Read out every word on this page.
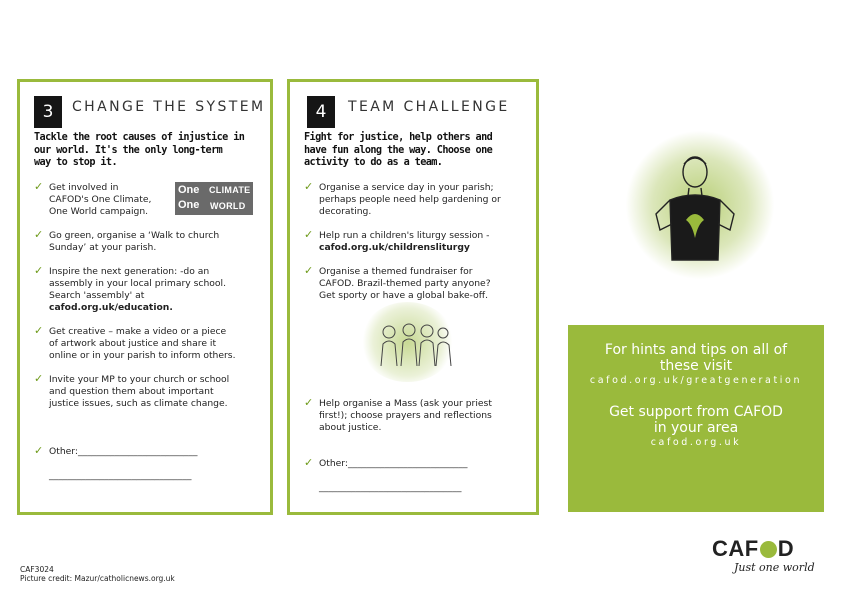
3	CHANGE THE SYSTEM
Tackle the root causes of injustice in
our world. It's the only long-term
way to stop it.
✓ Get involved in
CAFOD's One Climate,
One World campaign.
One CLIMATE
One WORLD
✓ Go green, organise a ‘Walk to church
Sunday’ at your parish.
✓ Inspire the next generation: -do an
assembly in your local primary school.
Search 'assembly' at
cafod.org.uk/education.
✓ Get creative – make a video or a piece
of artwork about justice and share it
online or in your parish to inform others.
✓ Invite your MP to your church or school
and question them about important
justice issues, such as climate change.
✓ Other:__________________________
_______________________________
4	TEAM CHALLENGE
Fight for justice, help others and
have fun along the way. Choose one
activity to do as a team.
✓ Organise a service day in your parish;
perhaps people need help gardening or
decorating.
✓ Help run a children's liturgy session -
cafod.org.uk/childrensliturgy
✓ Organise a themed fundraiser for
CAFOD. Brazil-themed party anyone?
Get sporty or have a global bake-off.
✓ Help organise a Mass (ask your priest
first!); choose prayers and reflections
about justice.
✓ Other:__________________________
_______________________________
For hints and tips on all of
these visit
cafod.org.uk/greatgeneration
Get support from CAFOD
in your area
cafod.org.uk
CAF D
Just one world
CAF3024
Picture credit: Mazur/catholicnews.org.uk
